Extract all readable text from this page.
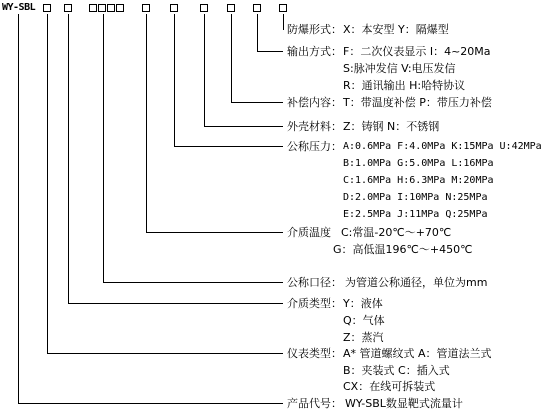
WY-SBL
防爆形式： X：本安型 Y：隔爆型
输出方式： F：二次仪表显示 I：4~20Ma
S:脉冲发信 V:电压发信
R：通讯输出 H:哈特协议
补偿内容： T：带温度补偿 P：带压力补偿
外壳材料： Z：铸钢 N：不锈钢
公称压力： A:0.6MPa F:4.0MPa K:15MPa U:42MPa
B:1.0MPa G:5.0MPa L:16MPa
C:1.6MPa H:6.3MPa M:20MPa
D:2.0MPa I:10MPa N:25MPa
E:2.5MPa J:11MPa Q:25MPa
介质温度 C:常温-20℃～+70℃
G：高低温196℃～+450℃
公称口径： 为管道公称通径，单位为mm
介质类型： Y：液体
Q：气体
Z：蒸汽
仪表类型： A* 管道螺纹式 A：管道法兰式
B：夹装式 C：插入式
CX：在线可拆装式
产品代号： WY-SBL数显靶式流量计
